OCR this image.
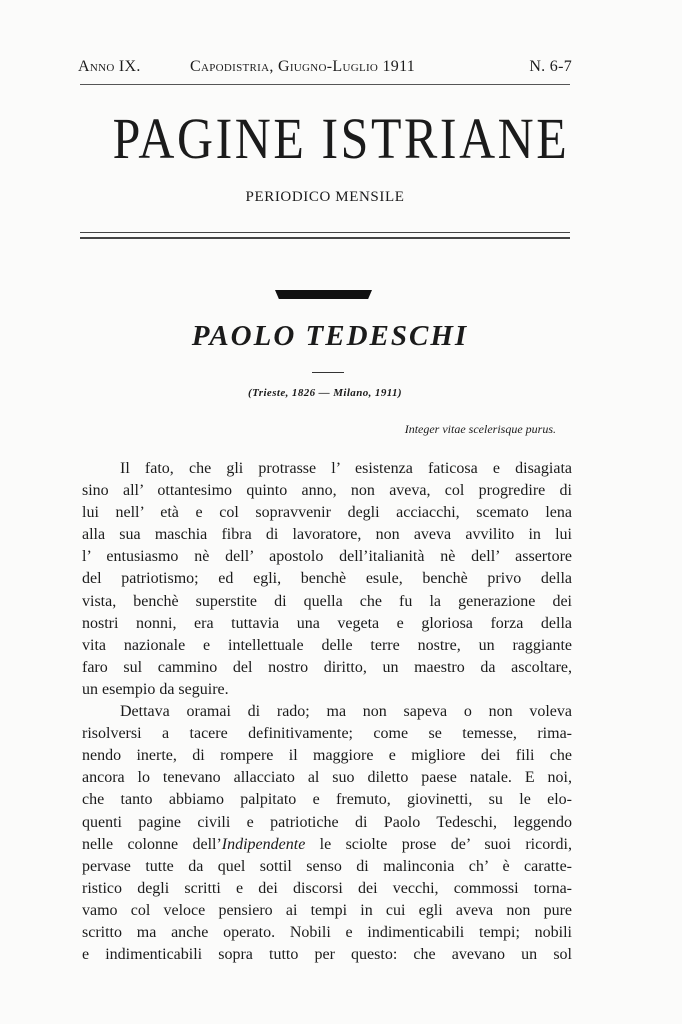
Anno IX.	Capodistria, Giugno-Luglio 1911	N. 6-7
PAGINE ISTRIANE
PERIODICO MENSILE
PAOLO TEDESCHI
(Trieste, 1826 — Milano, 1911)
Integer vitae scelerisque purus.
Il fato, che gli protrasse l’ esistenza faticosa e disagiata
sino all’ ottantesimo quinto anno, non aveva, col progredire di
lui nell’ età e col sopravvenir degli acciacchi, scemato lena
alla sua maschia fibra di lavoratore, non aveva avvilito in lui
l’ entusiasmo nè dell’ apostolo dell’italianità nè dell’ assertore
del patriotismo; ed egli, benchè esule, benchè privo della
vista, benchè superstite di quella che fu la generazione dei
nostri nonni, era tuttavia una vegeta e gloriosa forza della
vita nazionale e intellettuale delle terre nostre, un raggiante
faro sul cammino del nostro diritto, un maestro da ascoltare,
un esempio da seguire.
Dettava oramai di rado; ma non sapeva o non voleva
risolversi a tacere definitivamente; come se temesse, rima-
nendo inerte, di rompere il maggiore e migliore dei fili che
ancora lo tenevano allacciato al suo diletto paese natale. E noi,
che tanto abbiamo palpitato e fremuto, giovinetti, su le elo-
quenti pagine civili e patriotiche di Paolo Tedeschi, leggendo
nelle colonne dell’Indipendente le sciolte prose de’ suoi ricordi,
pervase tutte da quel sottil senso di malinconia ch’ è caratte-
ristico degli scritti e dei discorsi dei vecchi, commossi torna-
vamo col veloce pensiero ai tempi in cui egli aveva non pure
scritto ma anche operato. Nobili e indimenticabili tempi; nobili
e indimenticabili sopra tutto per questo: che avevano un sol
